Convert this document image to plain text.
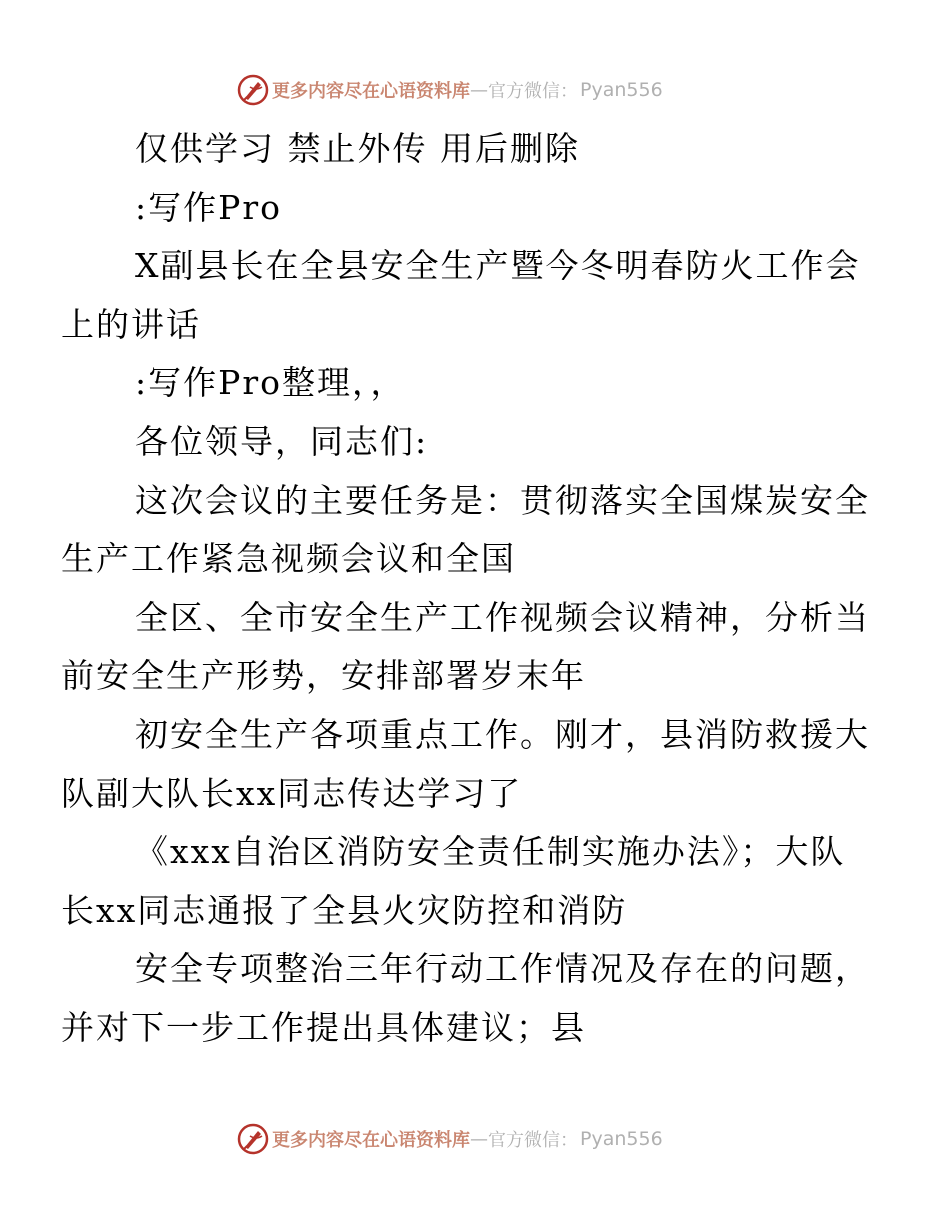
更多内容尽在心语资料库 — 官方微信： Pyan556

仅供学习 禁止外传 用后删除

:写作Pro

X副县长在全县安全生产暨今冬明春防火工作会
上的讲话

:写作Pro整理，，

各位领导，同志们:

这次会议的主要任务是：贯彻落实全国煤炭安全
生产工作紧急视频会议和全国

全区、全市安全生产工作视频会议精神，分析当
前安全生产形势，安排部署岁末年

初安全生产各项重点工作。刚才，县消防救援大
队副大队长xx同志传达学习了

《xxx自治区消防安全责任制实施办法》；大队
长xx同志通报了全县火灾防控和消防

安全专项整治三年行动工作情况及存在的问题，
并对下一步工作提出具体建议；县

更多内容尽在心语资料库 — 官方微信： Pyan556
